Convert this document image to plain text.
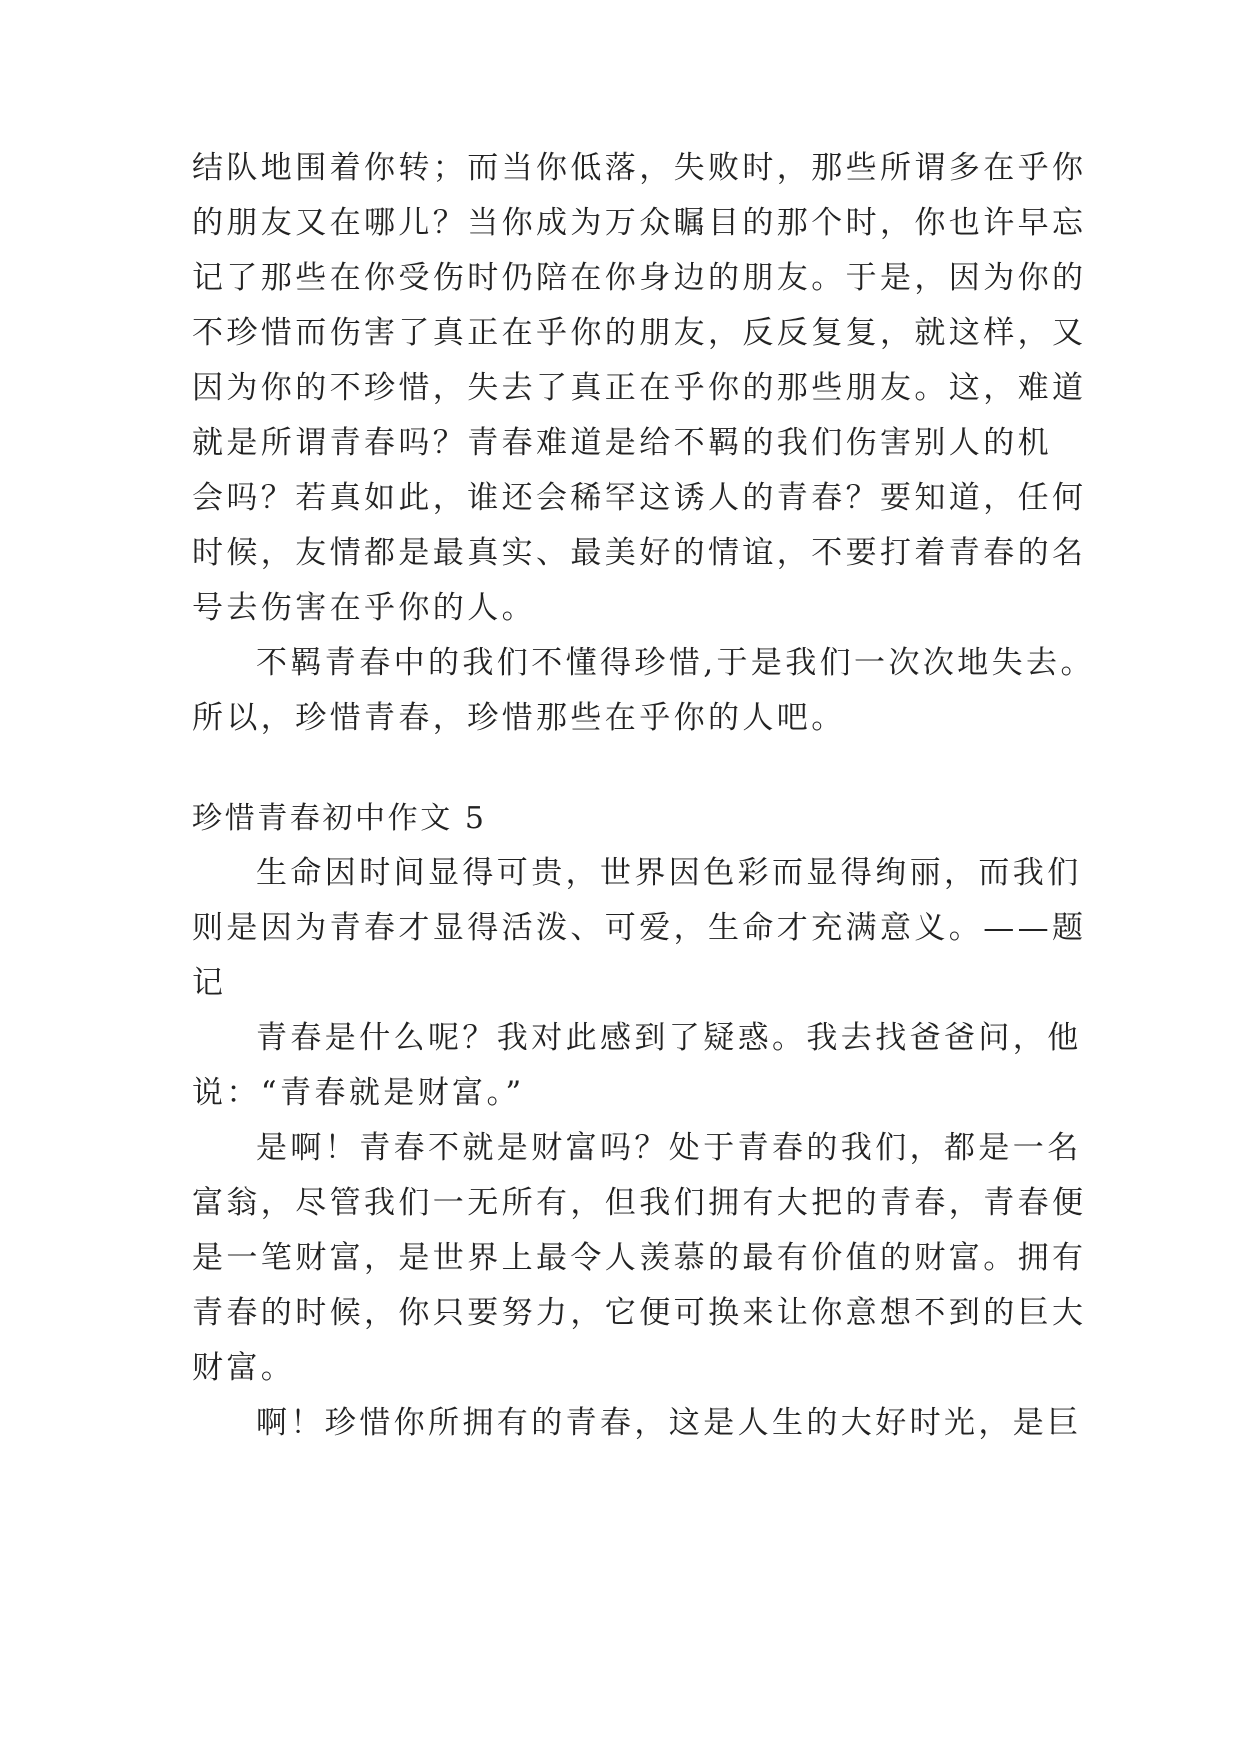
结队地围着你转；而当你低落，失败时，那些所谓多在乎你
的朋友又在哪儿？当你成为万众瞩目的那个时，你也许早忘
记了那些在你受伤时仍陪在你身边的朋友。于是，因为你的
不珍惜而伤害了真正在乎你的朋友，反反复复，就这样，又
因为你的不珍惜，失去了真正在乎你的那些朋友。这，难道
就是所谓青春吗？青春难道是给不羁的我们伤害别人的机
会吗？若真如此，谁还会稀罕这诱人的青春？要知道，任何
时候，友情都是最真实、最美好的情谊，不要打着青春的名
号去伤害在乎你的人。
不羁青春中的我们不懂得珍惜,于是我们一次次地失去。
所以，珍惜青春，珍惜那些在乎你的人吧。
珍惜青春初中作文 5
生命因时间显得可贵，世界因色彩而显得绚丽，而我们
则是因为青春才显得活泼、可爱，生命才充满意义。——题
记
青春是什么呢？我对此感到了疑惑。我去找爸爸问，他
说：“青春就是财富。”
是啊！青春不就是财富吗？处于青春的我们，都是一名
富翁，尽管我们一无所有，但我们拥有大把的青春，青春便
是一笔财富，是世界上最令人羡慕的最有价值的财富。拥有
青春的时候，你只要努力，它便可换来让你意想不到的巨大
财富。
啊！珍惜你所拥有的青春，这是人生的大好时光，是巨
